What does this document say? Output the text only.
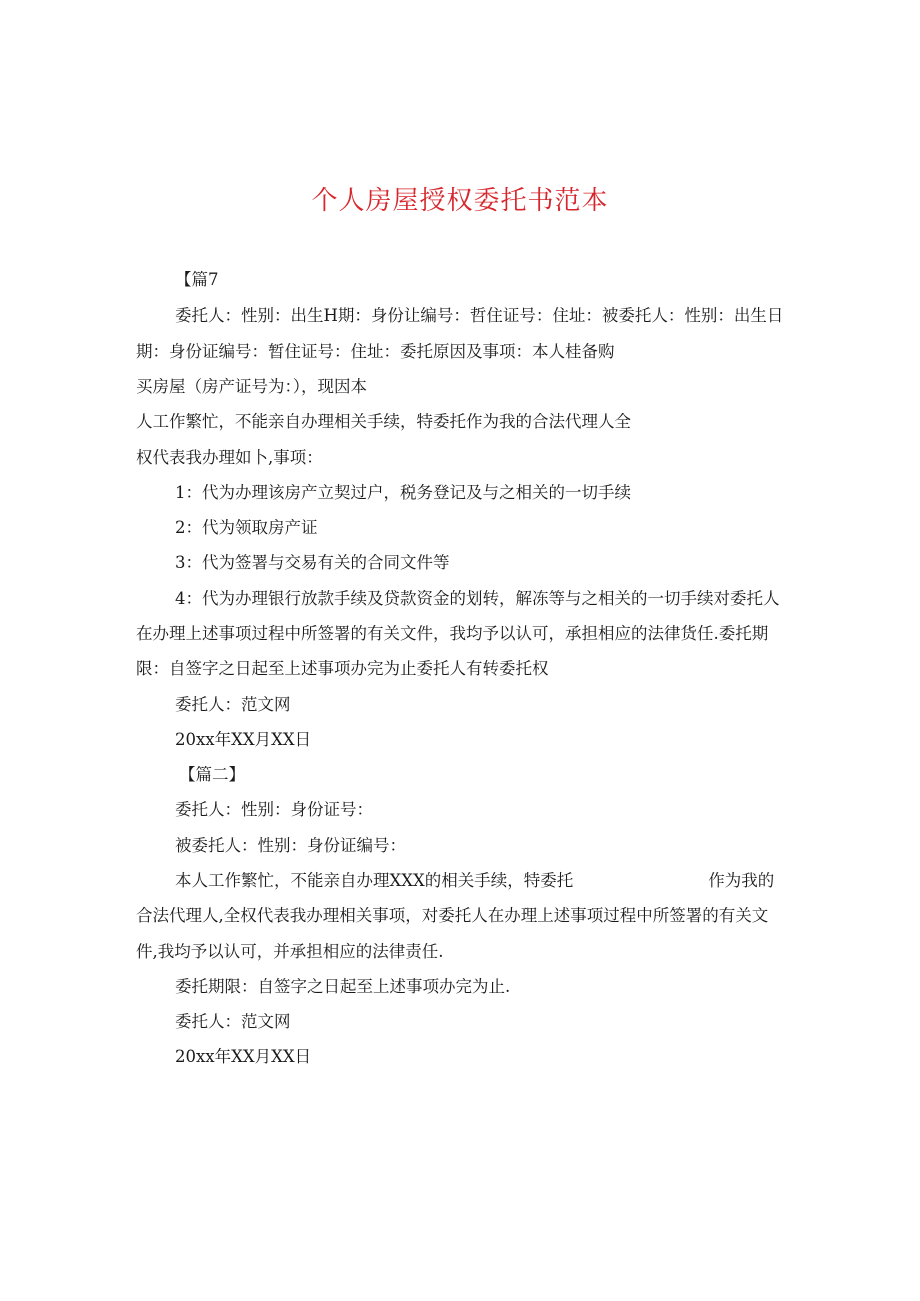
个人房屋授权委托书范本
【篇7
委托人：性别：出生H期：身份让编号：哲住证号：住址：被委托人：性别：出生日
期：身份证编号：暂住证号：住址：委托原因及事项：本人桂备购
买房屋（房产证号为：），现因本
人工作繁忙，不能亲自办理相关手续，特委托作为我的合法代理人全
权代表我办理如卜,事项：
1：代为办理该房产立契过户，税务登记及与之相关的一切手续
2：代为领取房产证
3：代为签署与交易有关的合同文件等
4：代为办理银行放款手续及贷款资金的划转，解冻等与之相关的一切手续对委托人
在办理上述事项过程中所签署的有关文件，我均予以认可，承担相应的法律货任.委托期
限：自签字之日起至上述事项办完为止委托人有转委托权
委托人：范文网
20xx年XX月XX日
【篇二】
委托人：性别：身份证号：
被委托人：性别：身份证编号：
本人工作繁忙，不能亲自办理XXX的相关手续，特委托	作为我的
合法代理人,全权代表我办理相关事项，对委托人在办理上述事项过程中所签署的有关文
件,我均予以认可，并承担相应的法律责任.
委托期限：自签字之日起至上述事项办完为止.
委托人：范文网
20xx年XX月XX日
